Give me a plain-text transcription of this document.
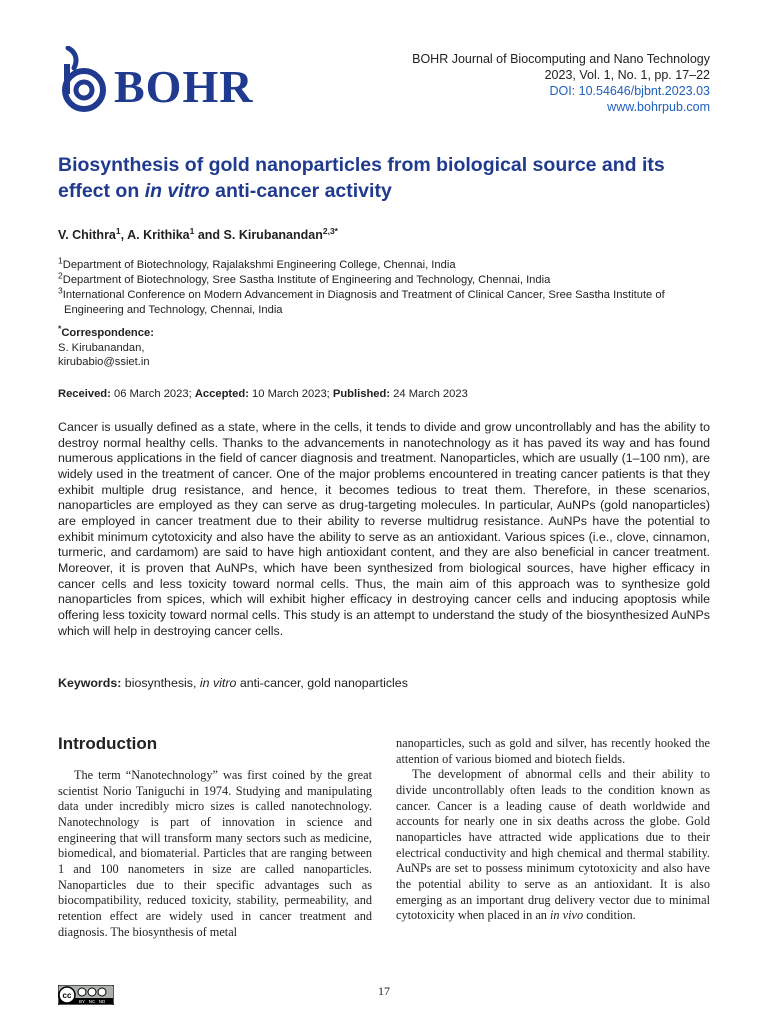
BOHR
BOHR Journal of Biocomputing and Nano Technology
2023, Vol. 1, No. 1, pp. 17–22
DOI: 10.54646/bjbnt.2023.03
www.bohrpub.com
Biosynthesis of gold nanoparticles from biological source and its effect on in vitro anti-cancer activity
V. Chithra$^1$, A. Krithika$^1$ and S. Kirubanandan$^{2,3*}$
$^1$Department of Biotechnology, Rajalakshmi Engineering College, Chennai, India
$^2$Department of Biotechnology, Sree Sastha Institute of Engineering and Technology, Chennai, India
$^3$International Conference on Modern Advancement in Diagnosis and Treatment of Clinical Cancer, Sree Sastha Institute of Engineering and Technology, Chennai, India
*Correspondence:
S. Kirubanandan,
kirubabio@ssiet.in
Received: 06 March 2023; Accepted: 10 March 2023; Published: 24 March 2023
Cancer is usually defined as a state, where in the cells, it tends to divide and grow uncontrollably and has the ability to destroy normal healthy cells. Thanks to the advancements in nanotechnology as it has paved its way and has found numerous applications in the field of cancer diagnosis and treatment. Nanoparticles, which are usually (1–100 nm), are widely used in the treatment of cancer. One of the major problems encountered in treating cancer patients is that they exhibit multiple drug resistance, and hence, it becomes tedious to treat them. Therefore, in these scenarios, nanoparticles are employed as they can serve as drug-targeting molecules. In particular, AuNPs (gold nanoparticles) are employed in cancer treatment due to their ability to reverse multidrug resistance. AuNPs have the potential to exhibit minimum cytotoxicity and also have the ability to serve as an antioxidant. Various spices (i.e., clove, cinnamon, turmeric, and cardamom) are said to have high antioxidant content, and they are also beneficial in cancer treatment. Moreover, it is proven that AuNPs, which have been synthesized from biological sources, have higher efficacy in cancer cells and less toxicity toward normal cells. Thus, the main aim of this approach was to synthesize gold nanoparticles from spices, which will exhibit higher efficacy in destroying cancer cells and inducing apoptosis while offering less toxicity toward normal cells. This study is an attempt to understand the study of the biosynthesized AuNPs which will help in destroying cancer cells.
Keywords: biosynthesis, in vitro anti-cancer, gold nanoparticles
Introduction

The term “Nanotechnology” was first coined by the great scientist Norio Taniguchi in 1974. Studying and manipulating data under incredibly micro sizes is called nanotechnology. Nanotechnology is part of innovation in science and engineering that will transform many sectors such as medicine, biomedical, and biomaterial. Particles that are ranging between 1 and 100 nanometers in size are called nanoparticles. Nanoparticles due to their specific advantages such as biocompatibility, reduced toxicity, stability, permeability, and retention effect are widely used in cancer treatment and diagnosis. The biosynthesis of metal

nanoparticles, such as gold and silver, has recently hooked the attention of various biomed and biotech fields.

The development of abnormal cells and their ability to divide uncontrollably often leads to the condition known as cancer. Cancer is a leading cause of death worldwide and accounts for nearly one in six deaths across the globe. Gold nanoparticles have attracted wide applications due to their electrical conductivity and high chemical and thermal stability. AuNPs are set to possess minimum cytotoxicity and also have the potential ability to serve as an antioxidant. It is also emerging as an important drug delivery vector due to minimal cytotoxicity when placed in an in vivo condition.

cc
BY NC ND
17
